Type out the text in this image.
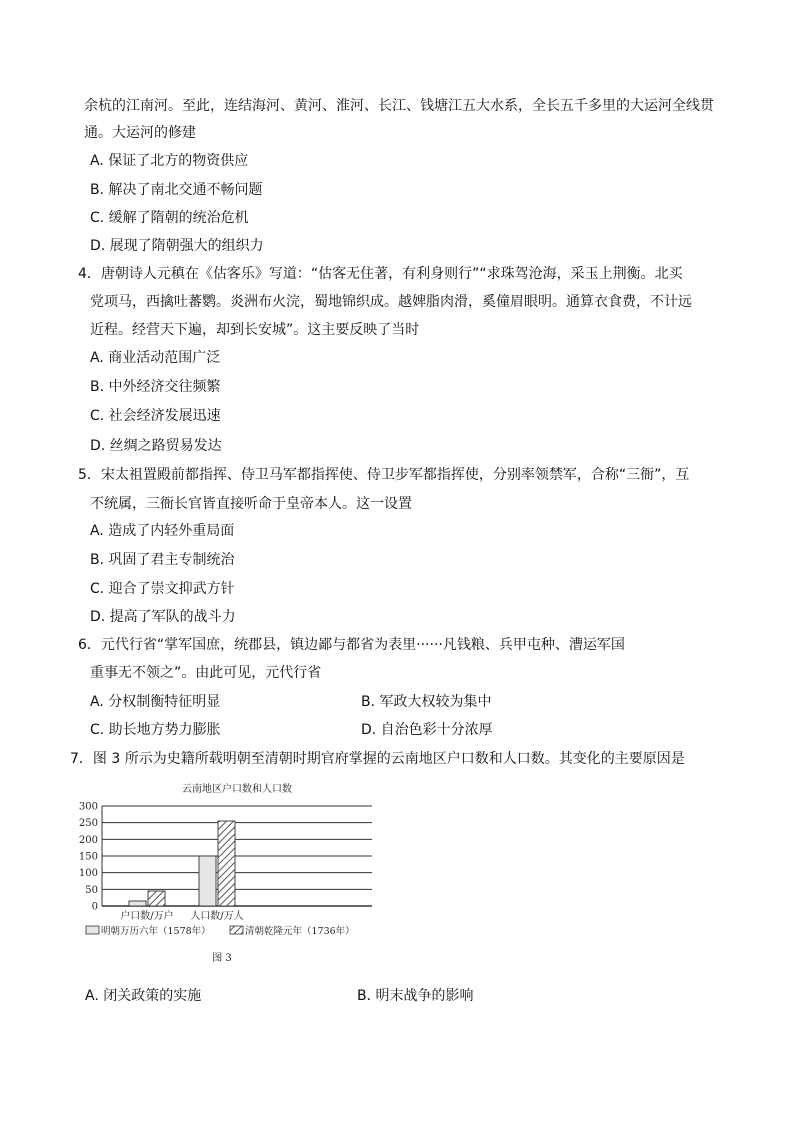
余杭的江南河。至此，连结海河、黄河、淮河、长江、钱塘江五大水系，全长五千多里的大运河全线贯
通。大运河的修建
A. 保证了北方的物资供应
B. 解决了南北交通不畅问题
C. 缓解了隋朝的统治危机
D. 展现了隋朝强大的组织力
4．唐朝诗人元稹在《估客乐》写道：“估客无住著，有利身则行”“求珠驾沧海，采玉上荆衡。北买
党项马，西擒吐蕃鹦。炎洲布火浣，蜀地锦织成。越婢脂肉滑，奚僮眉眼明。通算衣食费，不计远
近程。经营天下遍，却到长安城”。这主要反映了当时
A. 商业活动范围广泛
B. 中外经济交往频繁
C. 社会经济发展迅速
D. 丝绸之路贸易发达
5．宋太祖置殿前都指挥、侍卫马军都指挥使、侍卫步军都指挥使，分别率领禁军，合称“三衙”，互
不统属，三衙长官皆直接听命于皇帝本人。这一设置
A. 造成了内轻外重局面
B. 巩固了君主专制统治
C. 迎合了崇文抑武方针
D. 提高了军队的战斗力
6．元代行省“掌军国庶，统郡县，镇边鄙与都省为表里······凡钱粮、兵甲屯种、漕运军国
重事无不领之”。由此可见，元代行省
A. 分权制衡特征明显	B. 军政大权较为集中
C. 助长地方势力膨胀	D. 自治色彩十分浓厚
7．图 3 所示为史籍所载明朝至清朝时期官府掌握的云南地区户口数和人口数。其变化的主要原因是
云南地区户口数和人口数
0
50
100
150
200
250
300
户口数/万户 人口数/万人
明朝万历六年（1578年）	清朝乾隆元年（1736年）
图 3
A. 闭关政策的实施	B. 明末战争的影响
